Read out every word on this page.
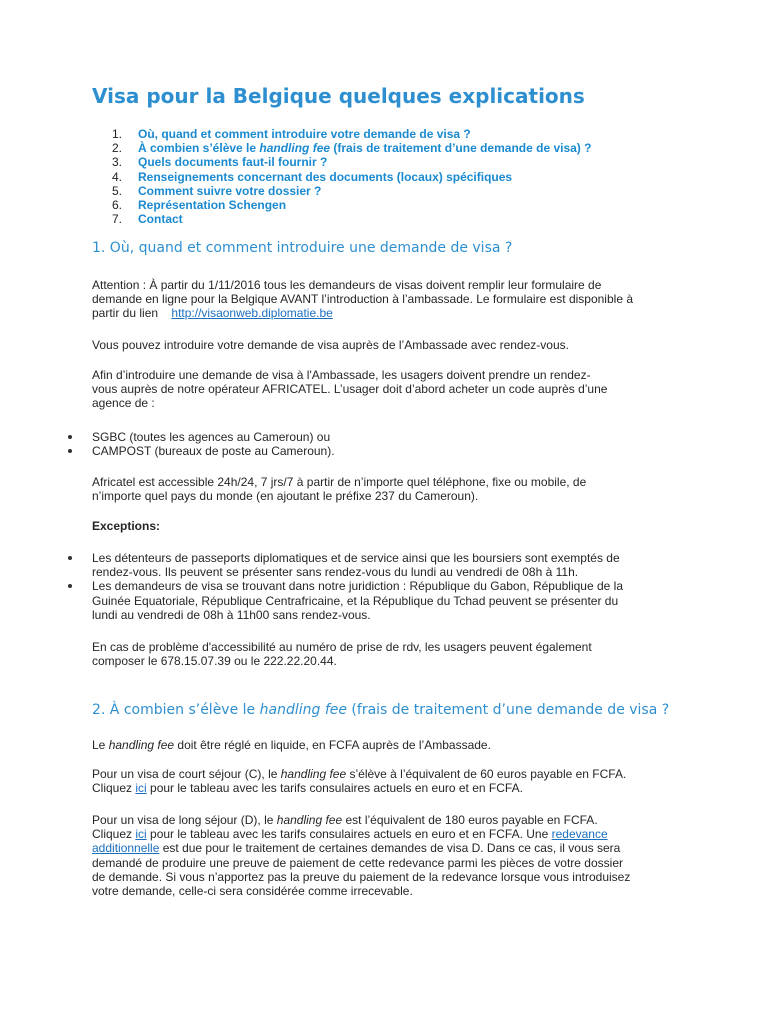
Visa pour la Belgique quelques explications
1. Où, quand et comment introduire votre demande de visa ?
2. À combien s’élève le handling fee (frais de traitement d’une demande de visa) ?
3. Quels documents faut-il fournir ?
4. Renseignements concernant des documents (locaux) spécifiques
5. Comment suivre votre dossier ?
6. Représentation Schengen
7. Contact
1. Où, quand et comment introduire une demande de visa ?
Attention : À partir du 1/11/2016 tous les demandeurs de visas doivent remplir leur formulaire de
demande en ligne pour la Belgique AVANT l’introduction à l’ambassade. Le formulaire est disponible à
partir du lien http://visaonweb.diplomatie.be
Vous pouvez introduire votre demande de visa auprès de l’Ambassade avec rendez-vous.
Afin d’introduire une demande de visa à l'Ambassade, les usagers doivent prendre un rendez-
vous auprès de notre opérateur AFRICATEL. L’usager doit d’abord acheter un code auprès d’une
agence de :
SGBC (toutes les agences au Cameroun) ou
CAMPOST (bureaux de poste au Cameroun).
Africatel est accessible 24h/24, 7 jrs/7 à partir de n’importe quel téléphone, fixe ou mobile, de
n’importe quel pays du monde (en ajoutant le préfixe 237 du Cameroun).
Exceptions:
Les détenteurs de passeports diplomatiques et de service ainsi que les boursiers sont exemptés de
rendez-vous. Ils peuvent se présenter sans rendez-vous du lundi au vendredi de 08h à 11h.
Les demandeurs de visa se trouvant dans notre juridiction : République du Gabon, République de la
Guinée Equatoriale, République Centrafricaine, et la République du Tchad peuvent se présenter du
lundi au vendredi de 08h à 11h00 sans rendez-vous.
En cas de problème d'accessibilité au numéro de prise de rdv, les usagers peuvent également
composer le 678.15.07.39 ou le 222.22.20.44.
2. À combien s’élève le handling fee (frais de traitement d’une demande de visa ?
Le handling fee doit être réglé en liquide, en FCFA auprès de l’Ambassade.
Pour un visa de court séjour (C), le handling fee s’élève à l’équivalent de 60 euros payable en FCFA.
Cliquez ici pour le tableau avec les tarifs consulaires actuels en euro et en FCFA.
Pour un visa de long séjour (D), le handling fee est l’équivalent de 180 euros payable en FCFA.
Cliquez ici pour le tableau avec les tarifs consulaires actuels en euro et en FCFA. Une redevance
additionnelle est due pour le traitement de certaines demandes de visa D. Dans ce cas, il vous sera
demandé de produire une preuve de paiement de cette redevance parmi les pièces de votre dossier
de demande. Si vous n’apportez pas la preuve du paiement de la redevance lorsque vous introduisez
votre demande, celle-ci sera considérée comme irrecevable.
